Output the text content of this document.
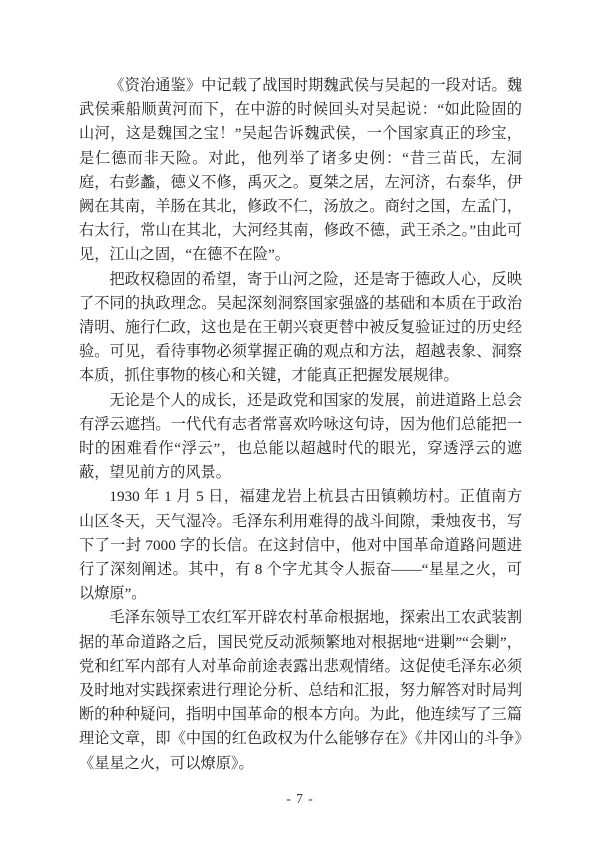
《资治通鉴》中记载了战国时期魏武侯与吴起的一段对话。魏武侯乘船顺黄河而下，在中游的时候回头对吴起说：“如此险固的山河，这是魏国之宝！”吴起告诉魏武侯，一个国家真正的珍宝，是仁德而非天险。对此，他列举了诸多史例：“昔三苗氏，左洞庭，右彭蠡，德义不修，禹灭之。夏桀之居，左河济，右泰华，伊阙在其南，羊肠在其北，修政不仁，汤放之。商纣之国，左孟门，右太行，常山在其北，大河经其南，修政不德，武王杀之。”由此可见，江山之固，“在德不在险”。

把政权稳固的希望，寄于山河之险，还是寄于德政人心，反映了不同的执政理念。吴起深刻洞察国家强盛的基础和本质在于政治清明、施行仁政，这也是在王朝兴衰更替中被反复验证过的历史经验。可见，看待事物必须掌握正确的观点和方法，超越表象、洞察本质，抓住事物的核心和关键，才能真正把握发展规律。

无论是个人的成长，还是政党和国家的发展，前进道路上总会有浮云遮挡。一代代有志者常喜欢吟咏这句诗，因为他们总能把一时的困难看作“浮云”，也总能以超越时代的眼光，穿透浮云的遮蔽，望见前方的风景。

1930 年 1 月 5 日，福建龙岩上杭县古田镇赖坊村。正值南方山区冬天，天气湿冷。毛泽东利用难得的战斗间隙，秉烛夜书，写下了一封 7000 字的长信。在这封信中，他对中国革命道路问题进行了深刻阐述。其中，有 8 个字尤其令人振奋——“星星之火，可以燎原”。

毛泽东领导工农红军开辟农村革命根据地，探索出工农武装割据的革命道路之后，国民党反动派频繁地对根据地“进剿”“会剿”，党和红军内部有人对革命前途表露出悲观情绪。这促使毛泽东必须及时地对实践探索进行理论分析、总结和汇报，努力解答对时局判断的种种疑问，指明中国革命的根本方向。为此，他连续写了三篇理论文章，即《中国的红色政权为什么能够存在》《井冈山的斗争》《星星之火，可以燎原》。

- 7 -
